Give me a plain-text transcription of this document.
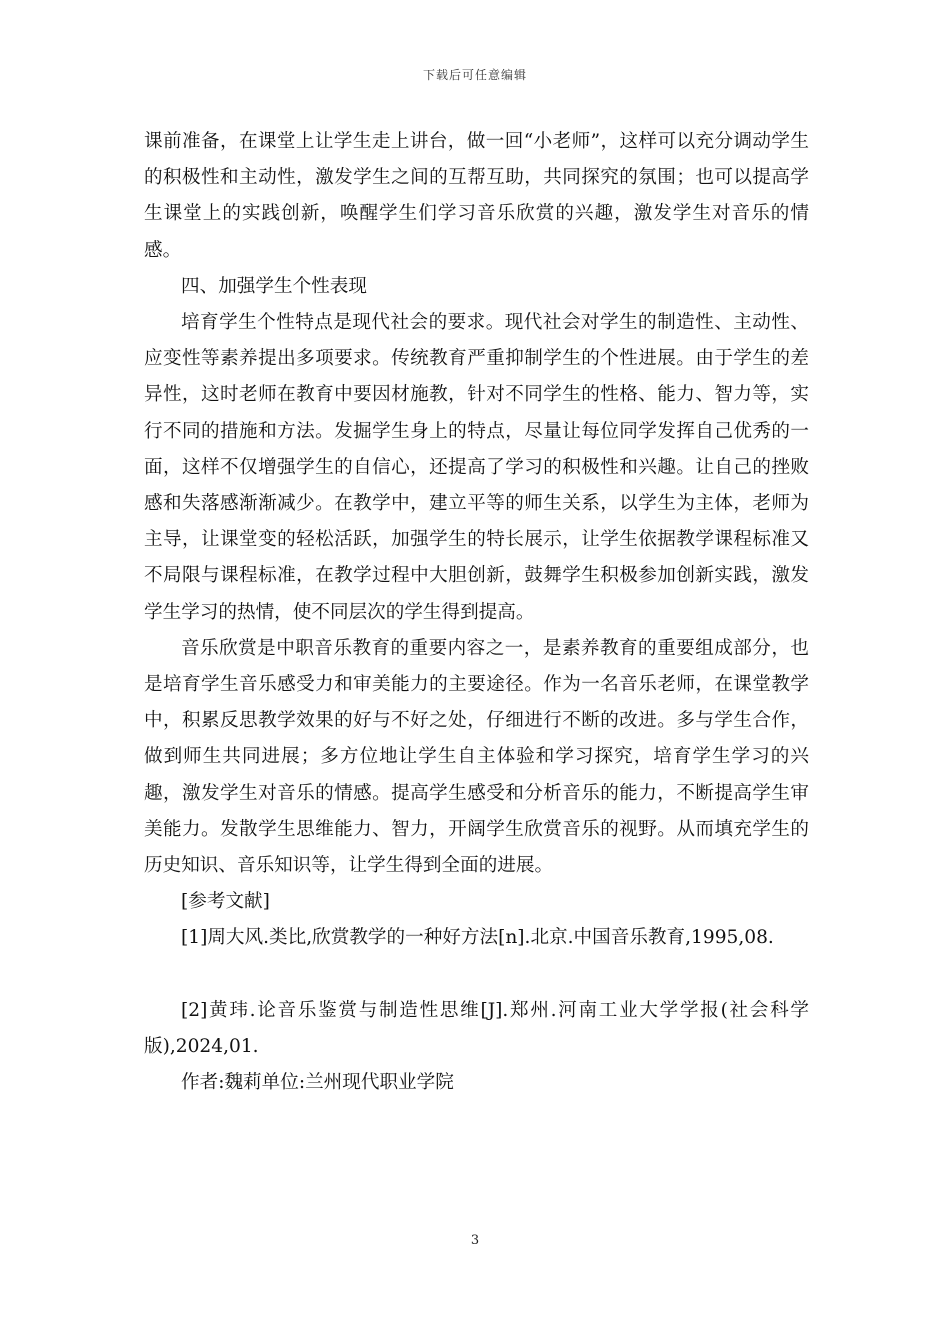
下载后可任意编辑

课前准备，在课堂上让学生走上讲台，做一回“小老师”，这样可以充分调动学生的积极性和主动性，激发学生之间的互帮互助，共同探究的氛围；也可以提高学生课堂上的实践创新，唤醒学生们学习音乐欣赏的兴趣，激发学生对音乐的情感。

四、加强学生个性表现

培育学生个性特点是现代社会的要求。现代社会对学生的制造性、主动性、应变性等素养提出多项要求。传统教育严重抑制学生的个性进展。由于学生的差异性，这时老师在教育中要因材施教，针对不同学生的性格、能力、智力等，实行不同的措施和方法。发掘学生身上的特点，尽量让每位同学发挥自己优秀的一面，这样不仅增强学生的自信心，还提高了学习的积极性和兴趣。让自己的挫败感和失落感渐渐减少。在教学中，建立平等的师生关系，以学生为主体，老师为主导，让课堂变的轻松活跃，加强学生的特长展示，让学生依据教学课程标准又不局限与课程标准，在教学过程中大胆创新，鼓舞学生积极参加创新实践，激发学生学习的热情，使不同层次的学生得到提高。

音乐欣赏是中职音乐教育的重要内容之一，是素养教育的重要组成部分，也是培育学生音乐感受力和审美能力的主要途径。作为一名音乐老师，在课堂教学中，积累反思教学效果的好与不好之处，仔细进行不断的改进。多与学生合作，做到师生共同进展；多方位地让学生自主体验和学习探究，培育学生学习的兴趣，激发学生对音乐的情感。提高学生感受和分析音乐的能力，不断提高学生审美能力。发散学生思维能力、智力，开阔学生欣赏音乐的视野。从而填充学生的历史知识、音乐知识等，让学生得到全面的进展。

[参考文献]

[1]周大风.类比,欣赏教学的一种好方法[n].北京.中国音乐教育,1995,08.

[2]黄玮.论音乐鉴赏与制造性思维[J].郑州.河南工业大学学报(社会科学版),2024,01.

作者:魏莉单位:兰州现代职业学院

3
